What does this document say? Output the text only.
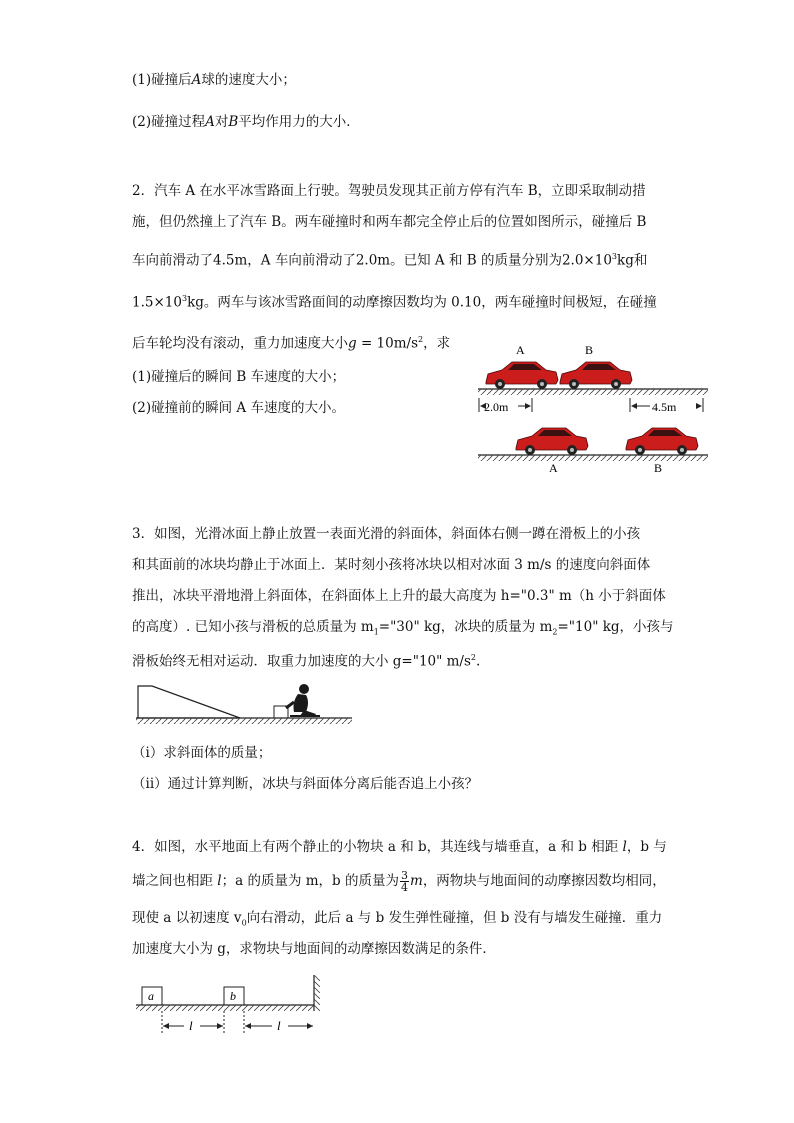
(1)碰撞后A球的速度大小；
(2)碰撞过程A对B平均作用力的大小．
2．汽车 A 在水平冰雪路面上行驶。驾驶员发现其正前方停有汽车 B，立即采取制动措
施，但仍然撞上了汽车 B。两车碰撞时和两车都完全停止后的位置如图所示，碰撞后 B
车向前滑动了4.5m，A 车向前滑动了2.0m。已知 A 和 B 的质量分别为$2.0\times 10^3kg$和
$1.5\times 10^3kg$。两车与该冰雪路面间的动摩擦因数均为 0.10，两车碰撞时间极短，在碰撞
后车轮均没有滚动，重力加速度大小$g = 10m/s^2$，求
(1)碰撞后的瞬间 B 车速度的大小；
(2)碰撞前的瞬间 A 车速度的大小。
A	B
2.0m	4.5m
A	B
3．如图，光滑冰面上静止放置一表面光滑的斜面体，斜面体右侧一蹲在滑板上的小孩
和其面前的冰块均静止于冰面上．某时刻小孩将冰块以相对冰面 3 m/s 的速度向斜面体
推出，冰块平滑地滑上斜面体，在斜面体上上升的最大高度为 h="0.3" m（h 小于斜面体
的高度）. 已知小孩与滑板的总质量为 $m_1="30$" kg，冰块的质量为 $m_2="10$" kg，小孩与
滑板始终无相对运动．取重力加速度的大小 g="10" $m/s^2$.
（i）求斜面体的质量；
（ii）通过计算判断，冰块与斜面体分离后能否追上小孩？
4．如图，水平地面上有两个静止的小物块 a 和 b，其连线与墙垂直，a 和 b 相距 l，b 与
墙之间也相距 l；a 的质量为 m，b 的质量为 $\frac{3}{4}$ m，两物块与地面间的动摩擦因数均相同，
现使 a 以初速度 $v_0$向右滑动，此后 a 与 b 发生弹性碰撞，但 b 没有与墙发生碰撞．重力
加速度大小为 g，求物块与地面间的动摩擦因数满足的条件．
a	b
l	l
